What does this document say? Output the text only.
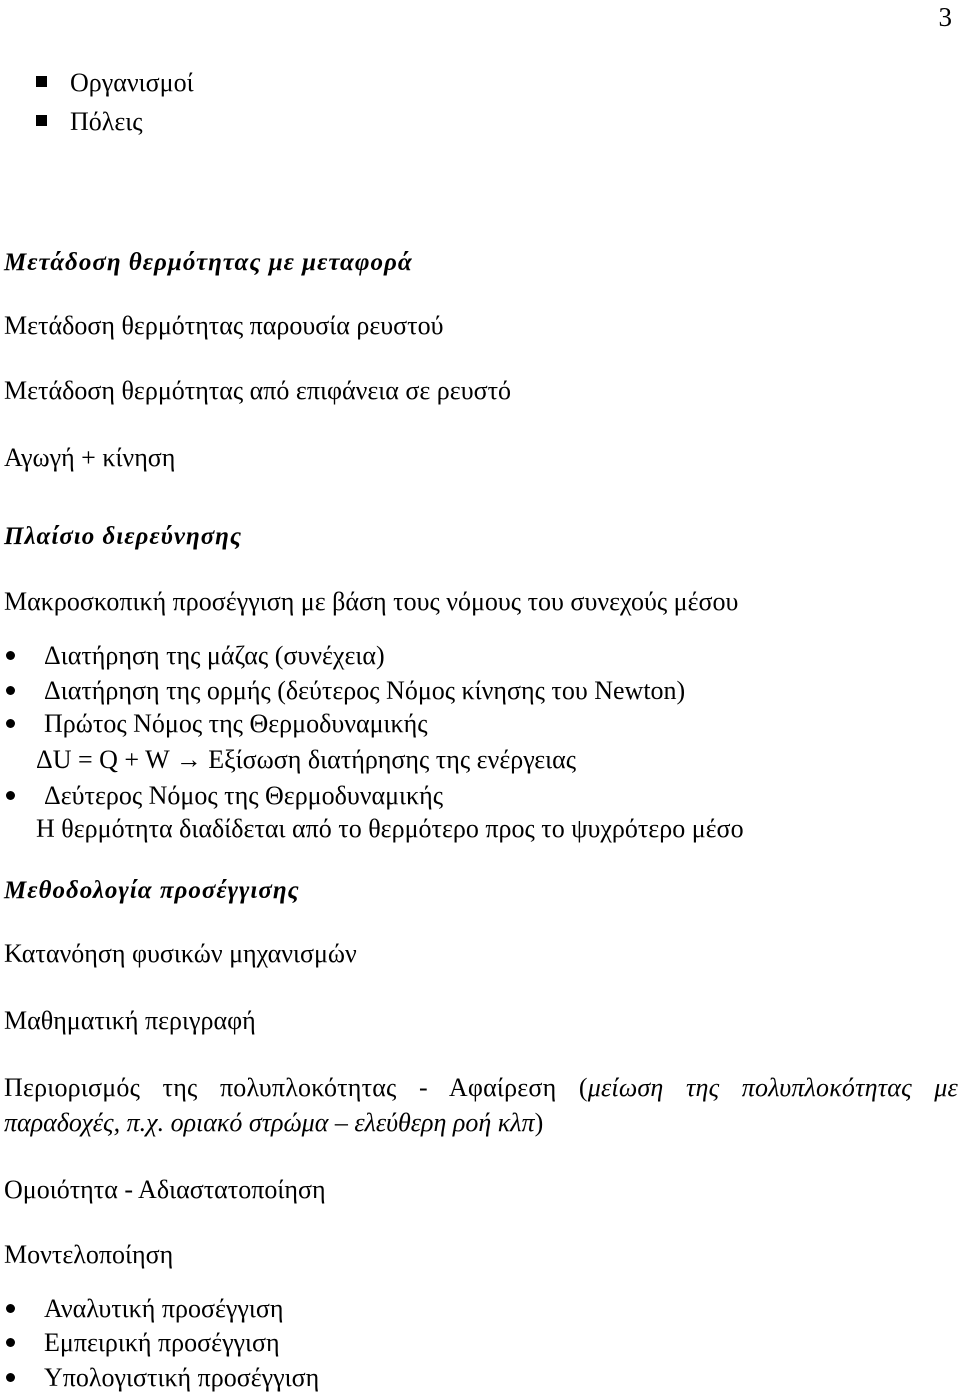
3
Οργανισμοί
Πόλεις
Μετάδοση θερμότητας με μεταφορά
Μετάδοση θερμότητας παρουσία ρευστού
Μετάδοση θερμότητας από επιφάνεια σε ρευστό
Αγωγή + κίνηση
Πλαίσιο διερεύνησης
Μακροσκοπική προσέγγιση με βάση τους νόμους του συνεχούς μέσου
Διατήρηση της μάζας (συνέχεια)
Διατήρηση της ορμής (δεύτερος Νόμος κίνησης του Newton)
Πρώτος Νόμος της Θερμοδυναμικής
ΔU = Q + W → Εξίσωση διατήρησης της ενέργειας
Δεύτερος Νόμος της Θερμοδυναμικής
Η θερμότητα διαδίδεται από το θερμότερο προς το ψυχρότερο μέσο
Μεθοδολογία προσέγγισης
Κατανόηση φυσικών μηχανισμών
Μαθηματική περιγραφή
Περιορισμός της πολυπλοκότητας - Αφαίρεση (μείωση της πολυπλοκότητας με
παραδοχές, π.χ. οριακό στρώμα – ελεύθερη ροή κλπ)
Ομοιότητα - Αδιαστατοποίηση
Μοντελοποίηση
Αναλυτική προσέγγιση
Εμπειρική προσέγγιση
Υπολογιστική προσέγγιση
